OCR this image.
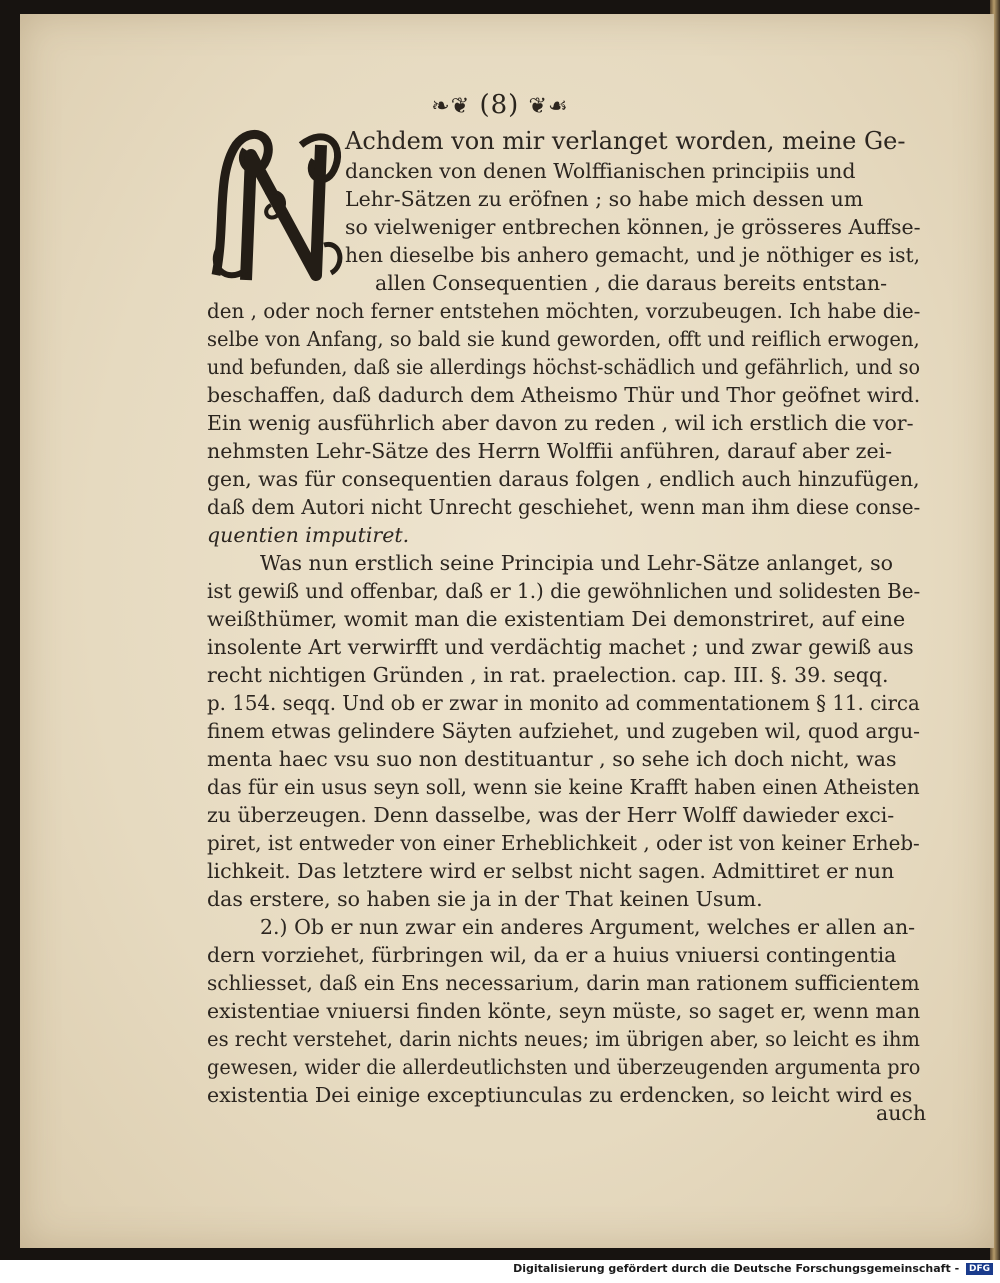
❧❦ (8) ❦☙
Achdem von mir verlanget worden, meine Ge-
dancken von denen Wolffianischen principiis und
Lehr-Sätzen zu eröfnen ; so habe mich dessen um
so vielweniger entbrechen können, je grösseres Auffse-
hen dieselbe bis anhero gemacht, und je nöthiger es ist,
allen Consequentien , die daraus bereits entstan-
den , oder noch ferner entstehen möchten, vorzubeugen. Ich habe die-
selbe von Anfang, so bald sie kund geworden, offt und reiflich erwogen,
und befunden, daß sie allerdings höchst-schädlich und gefährlich, und so
beschaffen, daß dadurch dem Atheismo Thür und Thor geöfnet wird.
Ein wenig ausführlich aber davon zu reden , wil ich erstlich die vor-
nehmsten Lehr-Sätze des Herrn Wolffii anführen, darauf aber zei-
gen, was für consequentien daraus folgen , endlich auch hinzufügen,
daß dem Autori nicht Unrecht geschiehet, wenn man ihm diese conse-
quentien imputiret.
Was nun erstlich seine Principia und Lehr-Sätze anlanget, so
ist gewiß und offenbar, daß er 1.) die gewöhnlichen und solidesten Be-
weißthümer, womit man die existentiam Dei demonstriret, auf eine
insolente Art verwirfft und verdächtig machet ; und zwar gewiß aus
recht nichtigen Gründen , in rat. praelection. cap. III. §. 39. seqq.
p. 154. seqq. Und ob er zwar in monito ad commentationem § 11. circa
finem etwas gelindere Säyten aufziehet, und zugeben wil, quod argu-
menta haec vsu suo non destituantur , so sehe ich doch nicht, was
das für ein usus seyn soll, wenn sie keine Krafft haben einen Atheisten
zu überzeugen. Denn dasselbe, was der Herr Wolff dawieder exci-
piret, ist entweder von einer Erheblichkeit , oder ist von keiner Erheb-
lichkeit. Das letztere wird er selbst nicht sagen. Admittiret er nun
das erstere, so haben sie ja in der That keinen Usum.
2.) Ob er nun zwar ein anderes Argument, welches er allen an-
dern vorziehet, fürbringen wil, da er a huius vniuersi contingentia
schliesset, daß ein Ens necessarium, darin man rationem sufficientem
existentiae vniuersi finden könte, seyn müste, so saget er, wenn man
es recht verstehet, darin nichts neues; im übrigen aber, so leicht es ihm
gewesen, wider die allerdeutlichsten und überzeugenden argumenta pro
existentia Dei einige exceptiunculas zu erdencken, so leicht wird es
auch
Digitalisierung gefördert durch die Deutsche Forschungsgemeinschaft - DFG
